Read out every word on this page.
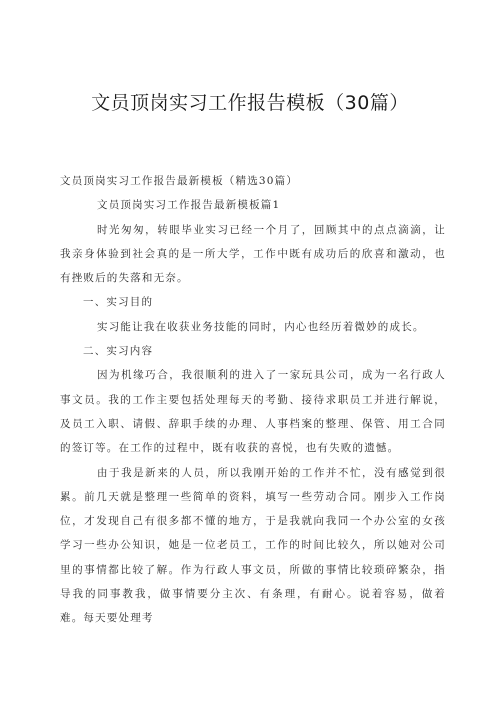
文员顶岗实习工作报告模板（30篇）

文员顶岗实习工作报告最新模板（精选30篇）

文员顶岗实习工作报告最新模板篇1

时光匆匆，转眼毕业实习已经一个月了，回顾其中的点点滴滴，让我亲身体验到社会真的是一所大学，工作中既有成功后的欣喜和激动，也有挫败后的失落和无奈。

一、实习目的

实习能让我在收获业务技能的同时，内心也经历着微妙的成长。

二、实习内容

因为机缘巧合，我很顺利的进入了一家玩具公司，成为一名行政人事文员。我的工作主要包括处理每天的考勤、接待求职员工并进行解说，及员工入职、请假、辞职手续的办理、人事档案的整理、保管、用工合同的签订等。在工作的过程中，既有收获的喜悦，也有失败的遗憾。

由于我是新来的人员，所以我刚开始的工作并不忙，没有感觉到很累。前几天就是整理一些简单的资料，填写一些劳动合同。刚步入工作岗位，才发现自己有很多都不懂的地方，于是我就向我同一个办公室的女孩学习一些办公知识，她是一位老员工，工作的时间比较久，所以她对公司里的事情都比较了解。作为行政人事文员，所做的事情比较琐碎繁杂，指导我的同事教我，做事情要分主次、有条理，有耐心。说着容易，做着难。每天要处理考
